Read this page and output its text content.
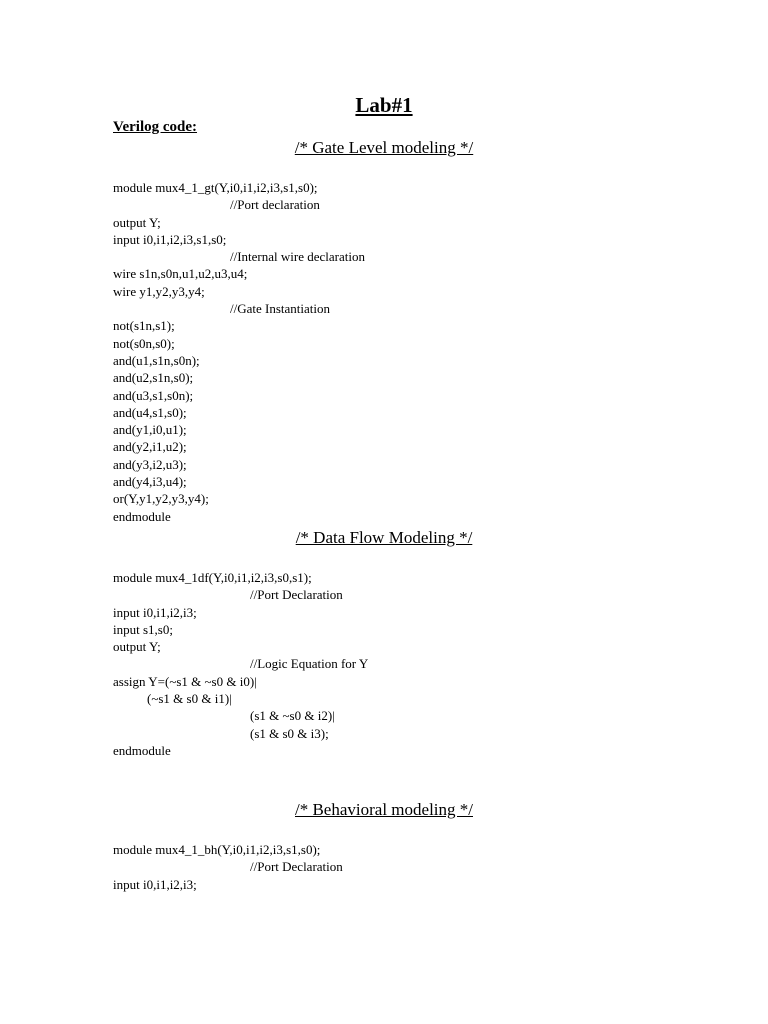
Lab#1
Verilog code:
/* Gate Level modeling */
module mux4_1_gt(Y,i0,i1,i2,i3,s1,s0);
//Port declaration
output Y;
input i0,i1,i2,i3,s1,s0;
//Internal wire declaration
wire s1n,s0n,u1,u2,u3,u4;
wire y1,y2,y3,y4;
//Gate Instantiation
not(s1n,s1);
not(s0n,s0);
and(u1,s1n,s0n);
and(u2,s1n,s0);
and(u3,s1,s0n);
and(u4,s1,s0);
and(y1,i0,u1);
and(y2,i1,u2);
and(y3,i2,u3);
and(y4,i3,u4);
or(Y,y1,y2,y3,y4);
endmodule
/* Data Flow Modeling */
module mux4_1df(Y,i0,i1,i2,i3,s0,s1);
//Port Declaration
input i0,i1,i2,i3;
input s1,s0;
output Y;
//Logic Equation for Y
assign Y=(~s1 & ~s0 & i0)|
(~s1 & s0 & i1)|
(s1 & ~s0 & i2)|
(s1 & s0 & i3);
endmodule
/* Behavioral modeling */
module mux4_1_bh(Y,i0,i1,i2,i3,s1,s0);
//Port Declaration
input i0,i1,i2,i3;
